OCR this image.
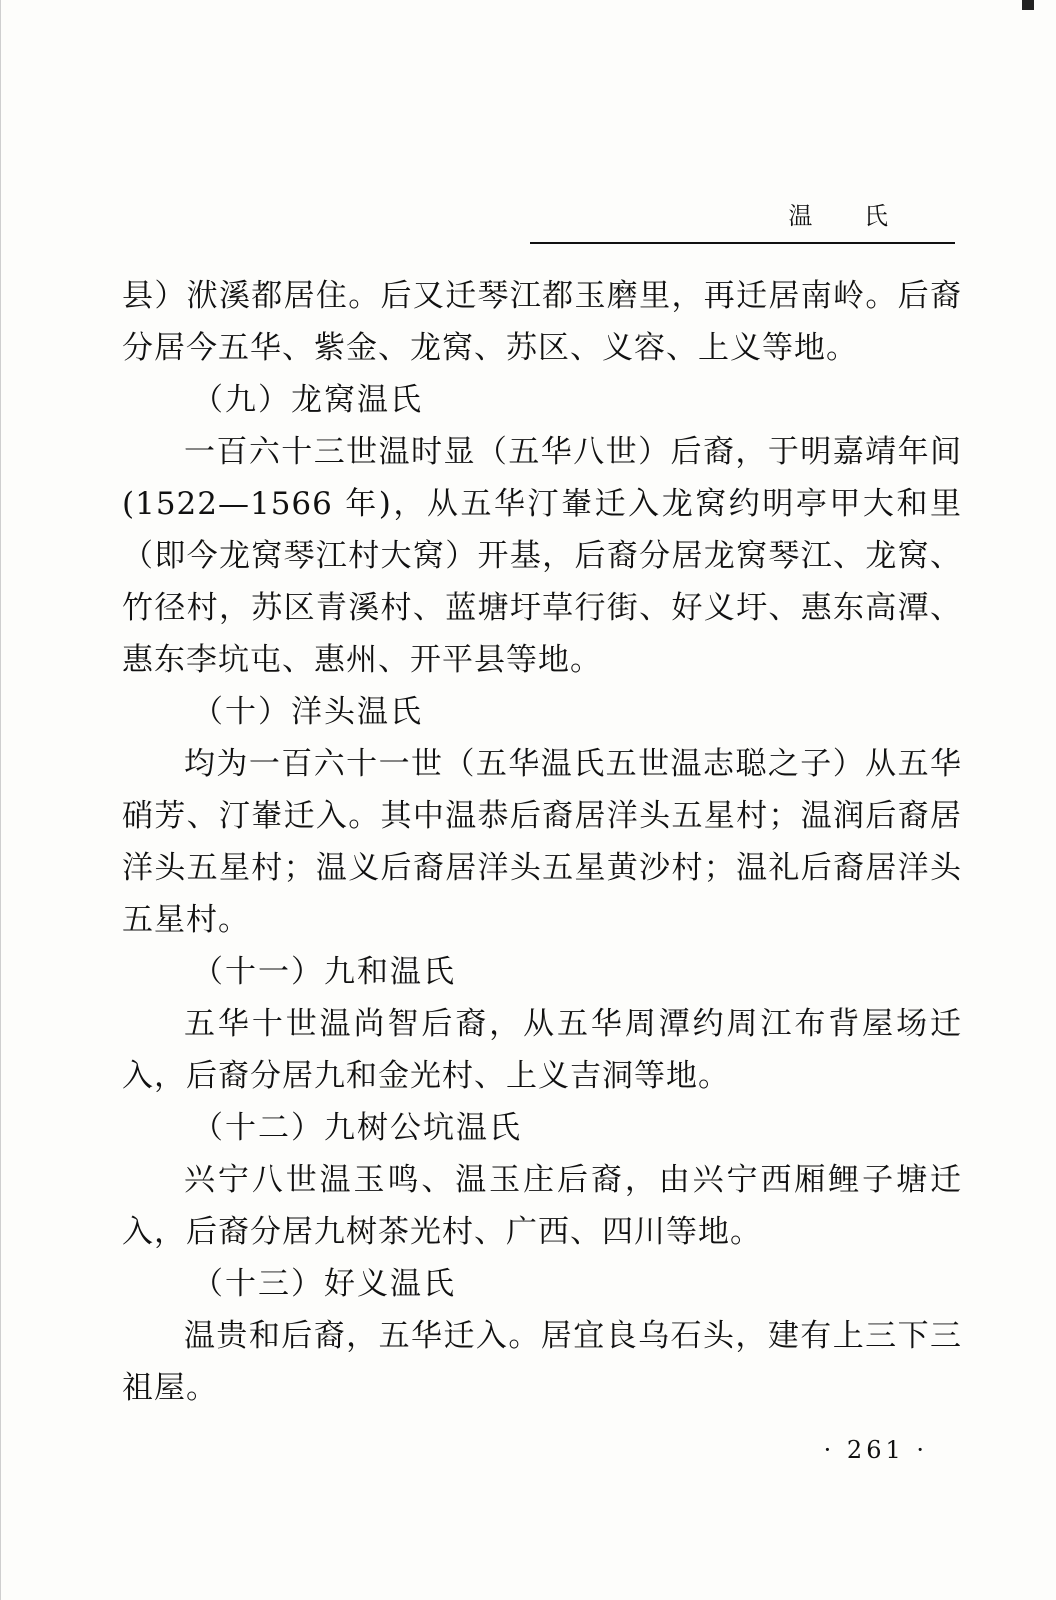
温 氏

县）洑溪都居住。后又迁琴江都玉磨里，再迁居南岭。后裔分居今五华、紫金、龙窝、苏区、义容、上义等地。

（九）龙窝温氏

一百六十三世温时显（五华八世）后裔，于明嘉靖年间(1522—1566 年)，从五华汀輋迁入龙窝约明亭甲大和里（即今龙窝琴江村大窝）开基，后裔分居龙窝琴江、龙窝、竹径村，苏区青溪村、蓝塘圩草行街、好义圩、惠东高潭、惠东李坑屯、惠州、开平县等地。

（十）洋头温氏

均为一百六十一世（五华温氏五世温志聪之子）从五华硝芳、汀輋迁入。其中温恭后裔居洋头五星村；温润后裔居洋头五星村；温义后裔居洋头五星黄沙村；温礼后裔居洋头五星村。

（十一）九和温氏

五华十世温尚智后裔，从五华周潭约周江布背屋场迁入，后裔分居九和金光村、上义吉洞等地。

（十二）九树公坑温氏

兴宁八世温玉鸣、温玉庄后裔，由兴宁西厢鲤子塘迁入，后裔分居九树茶光村、广西、四川等地。

（十三）好义温氏

温贵和后裔，五华迁入。居宜良乌石头，建有上三下三祖屋。

· 261 ·
